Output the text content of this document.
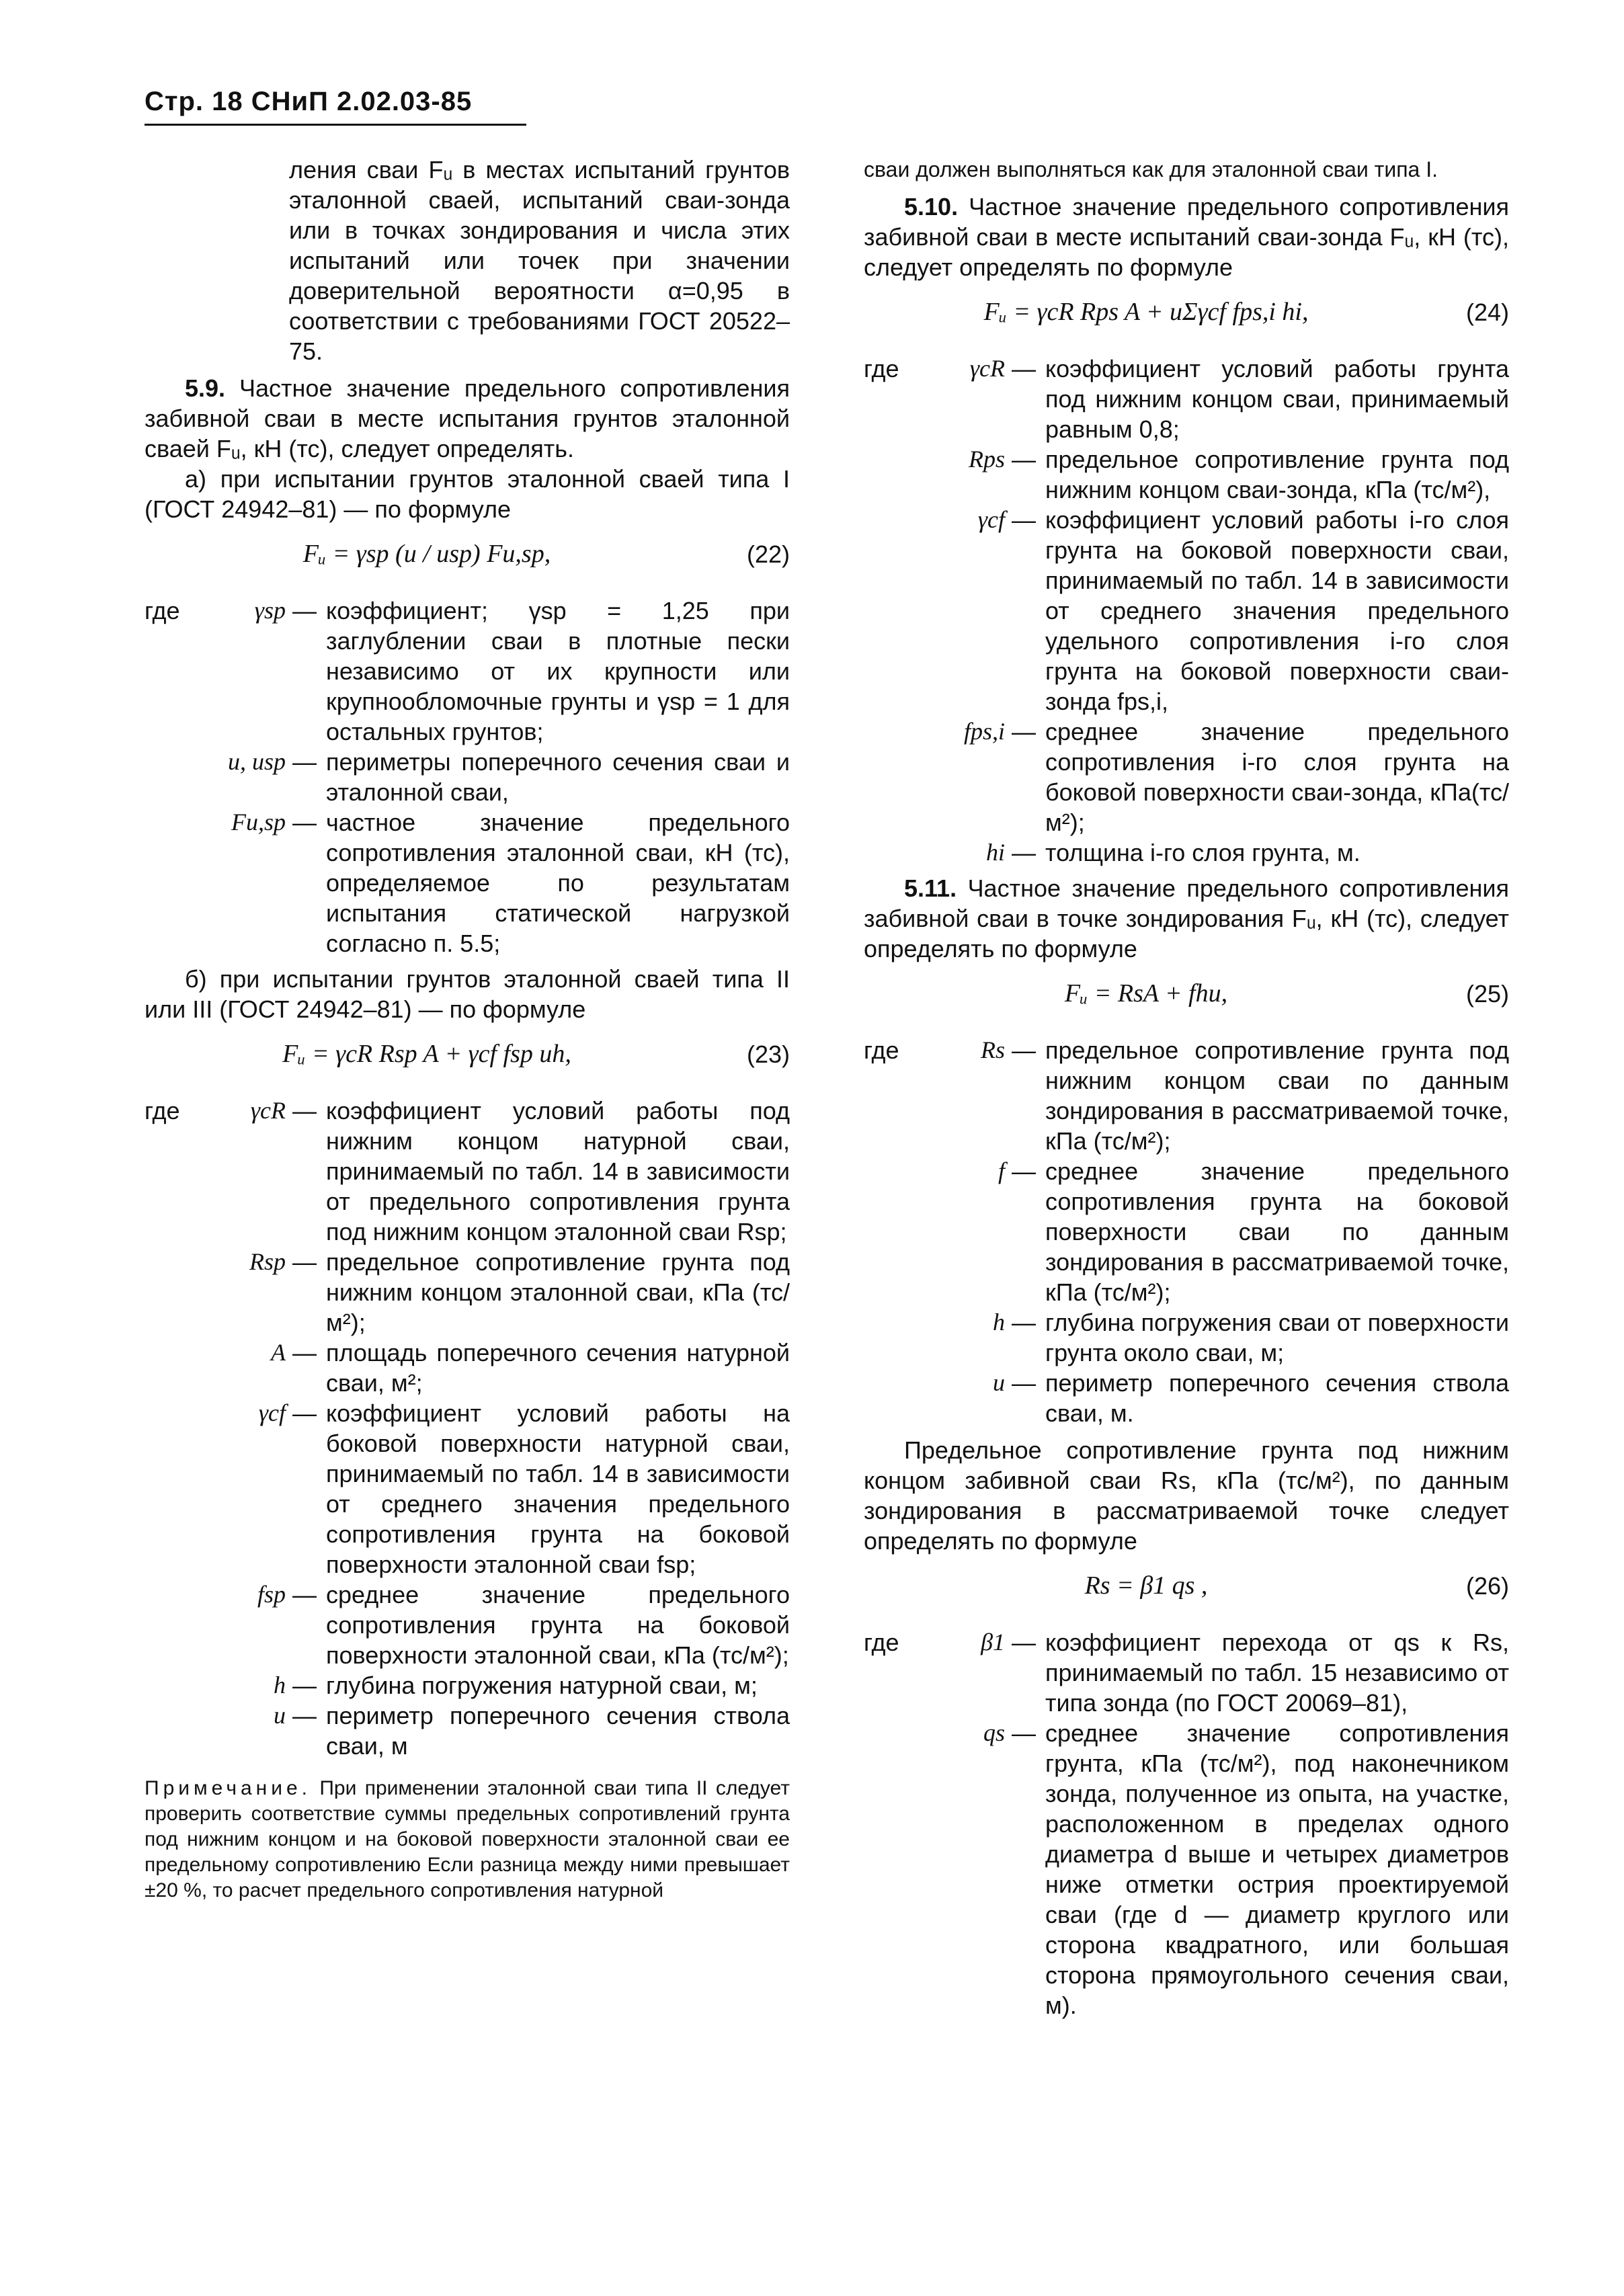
Стр. 18 СНиП 2.02.03-85

ления сваи Fᵤ в местах испытаний грунтов эталонной сваей, испытаний сваи-зонда или в точках зондирования и числа этих испытаний или точек при значении доверительной вероятности α=0,95 в соответствии с требованиями ГОСТ 20522–75.

5.9. Частное значение предельного сопротивления забивной сваи в месте испытания грунтов эталонной сваей Fᵤ, кН (тс), следует определять.

а) при испытании грунтов эталонной сваей типа I (ГОСТ 24942–81) — по формуле

Fᵤ = γsp (u / usp) Fu,sp,	(22)
где	γsp — коэффициент; γsp = 1,25 при заглублении сваи в плотные пески независимо от их крупности или крупнообломочные грунты и γsp = 1 для остальных грунтов;
u, usp — периметры поперечного сечения сваи и эталонной сваи,
Fu,sp — частное значение предельного сопротивления эталонной сваи, кН (тс), определяемое по результатам испытания статической нагрузкой согласно п. 5.5;

б) при испытании грунтов эталонной сваей типа II или III (ГОСТ 24942–81) — по формуле

Fᵤ = γcR Rsp A + γcf fsp uh,	(23)
где	γcR — коэффициент условий работы под нижним концом натурной сваи, принимаемый по табл. 14 в зависимости от предельного сопротивления грунта под нижним концом эталонной сваи Rsp;
Rsp — предельное сопротивление грунта под нижним концом эталонной сваи, кПа (тс/м²);
A — площадь поперечного сечения натурной сваи, м²;
γcf — коэффициент условий работы на боковой поверхности натурной сваи, принимаемый по табл. 14 в зависимости от среднего значения предельного сопротивления грунта на боковой поверхности эталонной сваи fsp;
fsp — среднее значение предельного сопротивления грунта на боковой поверхности эталонной сваи, кПа (тс/м²);
h — глубина погружения натурной сваи, м;
u — периметр поперечного сечения ствола сваи, м

Примечание. При применении эталонной сваи типа II следует проверить соответствие суммы предельных сопротивлений грунта под нижним концом и на боковой поверхности эталонной сваи ее предельному сопротивлению Если разница между ними превышает ±20 %, то расчет предельного сопротивления натурной

сваи должен выполняться как для эталонной сваи типа I.

5.10. Частное значение предельного сопротивления забивной сваи в месте испытаний сваи-зонда Fᵤ, кН (тс), следует определять по формуле

Fᵤ = γcR Rps A + uΣγcf fps,i hi,	(24)
где	γcR — коэффициент условий работы грунта под нижним концом сваи, принимаемый равным 0,8;
Rps — предельное сопротивление грунта под нижним концом сваи-зонда, кПа (тс/м²),
γcf — коэффициент условий работы i-го слоя грунта на боковой поверхности сваи, принимаемый по табл. 14 в зависимости от среднего значения предельного удельного сопротивления i-го слоя грунта на боковой поверхности сваи-зонда fps,i,
fps,i — среднее значение предельного сопротивления i-го слоя грунта на боковой поверхности сваи-зонда, кПа(тс/м²);
hi — толщина i-го слоя грунта, м.

5.11. Частное значение предельного сопротивления забивной сваи в точке зондирования Fᵤ, кН (тс), следует определять по формуле

Fᵤ = RsA + fhu,	(25)
где	Rs — предельное сопротивление грунта под нижним концом сваи по данным зондирования в рассматриваемой точке, кПа (тс/м²);
f — среднее значение предельного сопротивления грунта на боковой поверхности сваи по данным зондирования в рассматриваемой точке, кПа (тс/м²);
h — глубина погружения сваи от поверхности грунта около сваи, м;
u — периметр поперечного сечения ствола сваи, м.

Предельное сопротивление грунта под нижним концом забивной сваи Rs, кПа (тс/м²), по данным зондирования в рассматриваемой точке следует определять по формуле

Rs = β1 qs ,	(26)
где	β1 — коэффициент перехода от qs к Rs, принимаемый по табл. 15 независимо от типа зонда (по ГОСТ 20069–81),
qs — среднее значение сопротивления грунта, кПа (тс/м²), под наконечником зонда, полученное из опыта, на участке, расположенном в пределах одного диаметра d выше и четырех диаметров ниже отметки острия проектируемой сваи (где d — диаметр круглого или сторона квадратного, или большая сторона прямоугольного сечения сваи, м).
